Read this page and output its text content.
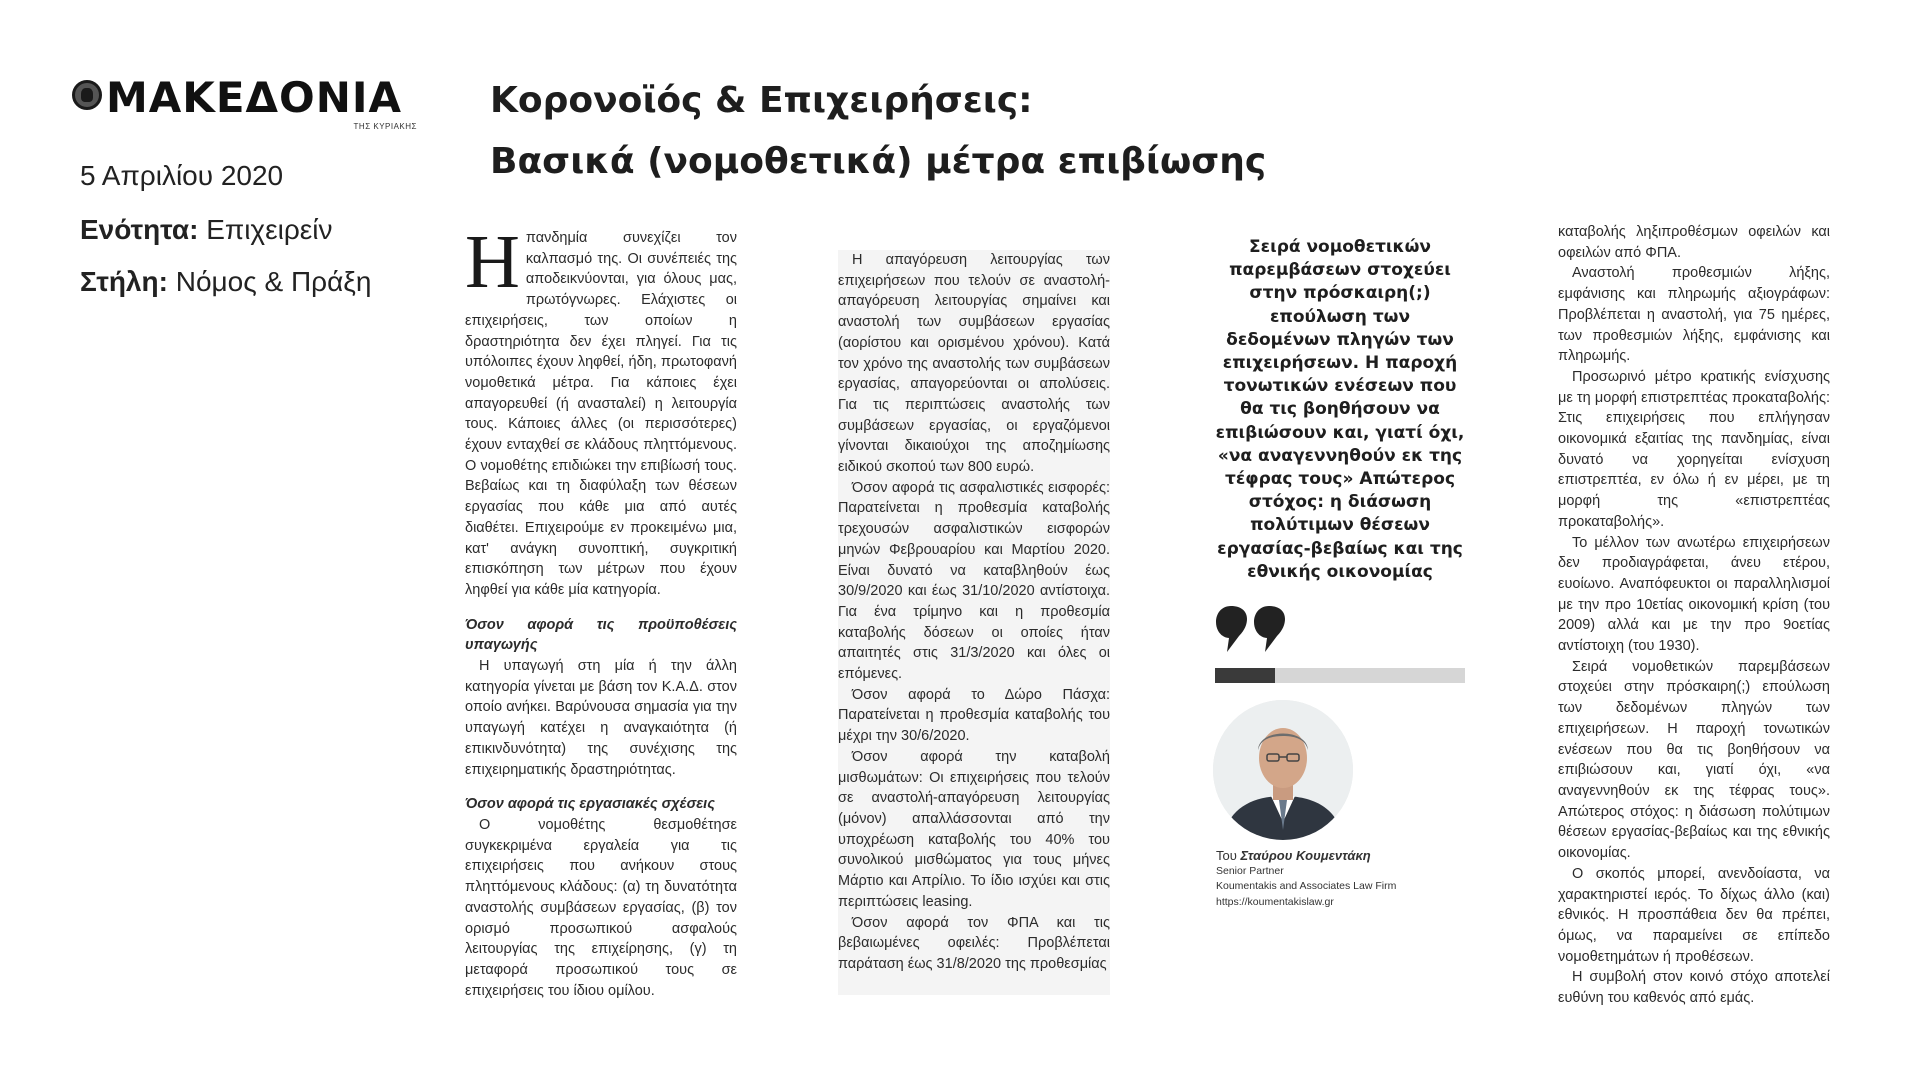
ΜΑΚΕΔΟΝΙΑ
ΤΗΣ ΚΥΡΙΑΚΗΣ
5 Απριλίου 2020
Ενότητα: Επιχειρείν
Στήλη: Νόμος & Πράξη
Κορονοϊός & Επιχειρήσεις:
Βασικά (νομοθετικά) μέτρα επιβίωσης
Η πανδημία συνεχίζει τον καλπασμό της. Οι συνέπειές της αποδεικνύονται, για όλους μας, πρωτόγνωρες. Ελάχιστες οι επιχειρήσεις, των οποίων η δραστηριότητα δεν έχει πληγεί. Για τις υπόλοιπες έχουν ληφθεί, ήδη, πρωτοφανή νομοθετικά μέτρα. Για κάποιες έχει απαγορευθεί (ή ανασταλεί) η λειτουργία τους. Κάποιες άλλες (οι περισσότερες) έχουν ενταχθεί σε κλάδους πληττόμενους. Ο νομοθέτης επιδιώκει την επιβίωσή τους. Βεβαίως και τη διαφύλαξη των θέσεων εργασίας που κάθε μια από αυτές διαθέτει. Επιχειρούμε εν προκειμένω μια, κατ' ανάγκη συνοπτική, συγκριτική επισκόπηση των μέτρων που έχουν ληφθεί για κάθε μία κατηγορία.

Όσον αφορά τις προϋποθέσεις υπαγωγής

Η υπαγωγή στη μία ή την άλλη κατηγορία γίνεται με βάση τον Κ.Α.Δ. στον οποίο ανήκει. Βαρύνουσα σημασία για την υπαγωγή κατέχει η αναγκαιότητα (ή επικινδυνότητα) της συνέχισης της επιχειρηματικής δραστηριότητας.

Όσον αφορά τις εργασιακές σχέσεις

Ο νομοθέτης θεσμοθέτησε συγκεκριμένα εργαλεία για τις επιχειρήσεις που ανήκουν στους πληττόμενους κλάδους: (α) τη δυνατότητα αναστολής συμβάσεων εργασίας, (β) τον ορισμό προσωπικού ασφαλούς λειτουργίας της επιχείρησης, (γ) τη μεταφορά προσωπικού τους σε επιχειρήσεις του ίδιου ομίλου.

Η απαγόρευση λειτουργίας των επιχειρήσεων που τελούν σε αναστολή-απαγόρευση λειτουργίας σημαίνει και αναστολή των συμβάσεων εργασίας (αορίστου και ορισμένου χρόνου). Κατά τον χρόνο της αναστολής των συμβάσεων εργασίας, απαγορεύονται οι απολύσεις. Για τις περιπτώσεις αναστολής των συμβάσεων εργασίας, οι εργαζόμενοι γίνονται δικαιούχοι της αποζημίωσης ειδικού σκοπού των 800 ευρώ.

Όσον αφορά τις ασφαλιστικές εισφορές: Παρατείνεται η προθεσμία καταβολής τρεχουσών ασφαλιστικών εισφορών μηνών Φεβρουαρίου και Μαρτίου 2020. Είναι δυνατό να καταβληθούν έως 30/9/2020 και έως 31/10/2020 αντίστοιχα. Για ένα τρίμηνο και η προθεσμία καταβολής δόσεων οι οποίες ήταν απαιτητές στις 31/3/2020 και όλες οι επόμενες.

Όσον αφορά το Δώρο Πάσχα: Παρατείνεται η προθεσμία καταβολής του μέχρι την 30/6/2020.

Όσον αφορά την καταβολή μισθωμάτων: Οι επιχειρήσεις που τελούν σε αναστολή-απαγόρευση λειτουργίας (μόνον) απαλλάσσονται από την υποχρέωση καταβολής του 40% του συνολικού μισθώματος για τους μήνες Μάρτιο και Απρίλιο. Το ίδιο ισχύει και στις περιπτώσεις leasing.

Όσον αφορά τον ΦΠΑ και τις βεβαιωμένες οφειλές: Προβλέπεται παράταση έως 31/8/2020 της προθεσμίας

Σειρά νομοθετικών παρεμβάσεων στοχεύει στην πρόσκαιρη(;) επούλωση των δεδομένων πληγών των επιχειρήσεων. Η παροχή τονωτικών ενέσεων που θα τις βοηθήσουν να επιβιώσουν και, γιατί όχι, «να αναγεννηθούν εκ της τέφρας τους» Απώτερος στόχος: η διάσωση πολύτιμων θέσεων εργασίας-βεβαίως και της εθνικής οικονομίας
Του Σταύρου Κουμεντάκη
Senior Partner
Koumentakis and Associates Law Firm
https://koumentakislaw.gr

καταβολής ληξιπροθέσμων οφειλών και οφειλών από ΦΠΑ.

Αναστολή προθεσμιών λήξης, εμφάνισης και πληρωμής αξιογράφων: Προβλέπεται η αναστολή, για 75 ημέρες, των προθεσμιών λήξης, εμφάνισης και πληρωμής.

Προσωρινό μέτρο κρατικής ενίσχυσης με τη μορφή επιστρεπτέας προκαταβολής: Στις επιχειρήσεις που επλήγησαν οικονομικά εξαιτίας της πανδημίας, είναι δυνατό να χορηγείται ενίσχυση επιστρεπτέα, εν όλω ή εν μέρει, με τη μορφή της «επιστρεπτέας προκαταβολής».

Το μέλλον των ανωτέρω επιχειρήσεων δεν προδιαγράφεται, άνευ ετέρου, ευοίωνο. Αναπόφευκτοι οι παραλληλισμοί με την προ 10ετίας οικονομική κρίση (του 2009) αλλά και με την προ 9οετίας αντίστοιχη (του 1930).

Σειρά νομοθετικών παρεμβάσεων στοχεύει στην πρόσκαιρη(;) επούλωση των δεδομένων πληγών των επιχειρήσεων. Η παροχή τονωτικών ενέσεων που θα τις βοηθήσουν να επιβιώσουν και, γιατί όχι, «να αναγεννηθούν εκ της τέφρας τους». Απώτερος στόχος: η διάσωση πολύτιμων θέσεων εργασίας-βεβαίως και της εθνικής οικονομίας.

Ο σκοπός μπορεί, ανενδοίαστα, να χαρακτηριστεί ιερός. Το δίχως άλλο (και) εθνικός. Η προσπάθεια δεν θα πρέπει, όμως, να παραμείνει σε επίπεδο νομοθετημάτων ή προθέσεων.

Η συμβολή στον κοινό στόχο αποτελεί ευθύνη του καθενός από εμάς.
